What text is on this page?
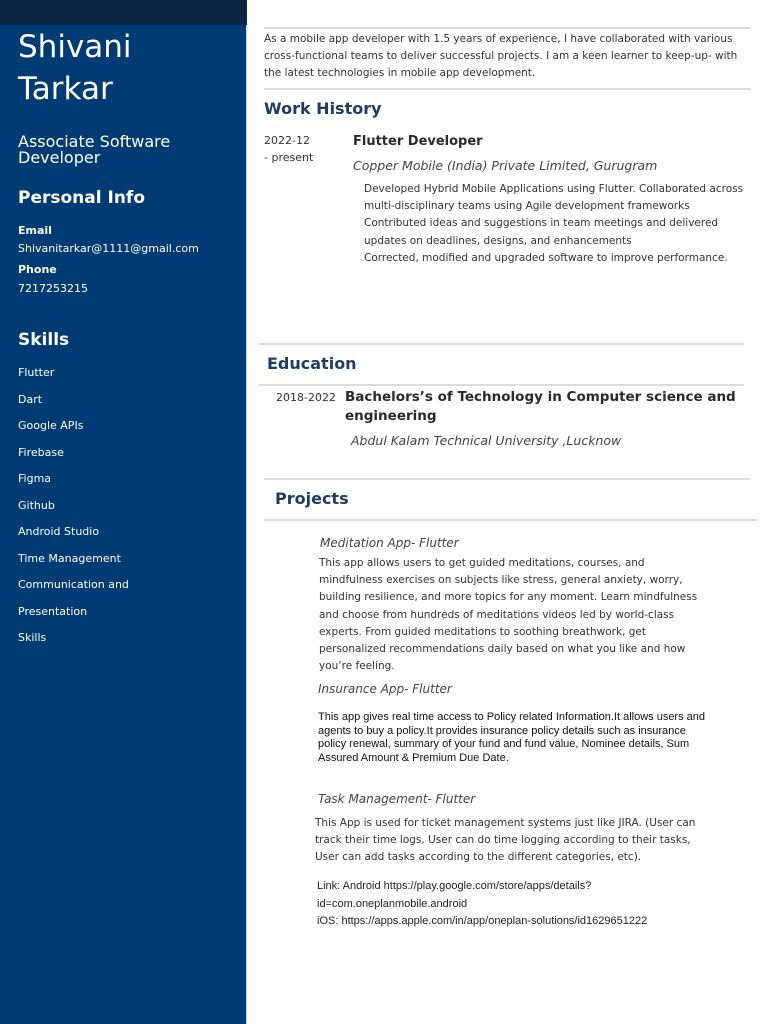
Shivani
Tarkar
Associate Software
Developer
Personal Info
Email
Shivanitarkar@1111@gmail.com
Phone
7217253215
Skills
Flutter
Dart
Google APIs
Firebase
Figma
Github
Android Studio
Time Management
Communication and
Presentation
Skills

As a mobile app developer with 1.5 years of experience, I have collaborated with various cross-functional teams to deliver successful projects. I am a keen learner to keep-up- with the latest technologies in mobile app development.

Work History
2022-12
- present
Flutter Developer
Copper Mobile (India) Private Limited, Gurugram
Developed Hybrid Mobile Applications using Flutter. Collaborated across multi-disciplinary teams using Agile development frameworks
Contributed ideas and suggestions in team meetings and delivered updates on deadlines, designs, and enhancements
Corrected, modified and upgraded software to improve performance.
Education
2018-2022 Bachelors’s of Technology in Computer science and engineering
Abdul Kalam Technical University ,Lucknow
Projects
Meditation App- Flutter
This app allows users to get guided meditations, courses, and mindfulness exercises on subjects like stress, general anxiety, worry, building resilience, and more topics for any moment. Learn mindfulness and choose from hundreds of meditations videos led by world-class experts. From guided meditations to soothing breathwork, get personalized recommendations daily based on what you like and how you’re feeling.
Insurance App- Flutter
This app gives real time access to Policy related Information.It allows users and agents to buy a policy.It provides insurance policy details such as insurance policy renewal, summary of your fund and fund value, Nominee details, Sum Assured Amount & Premium Due Date.
Task Management- Flutter
This App is used for ticket management systems just like JIRA. (User can track their time logs, User can do time logging according to their tasks, User can add tasks according to the different categories, etc).
Link: Android https://play.google.com/store/apps/details?
id=com.oneplanmobile.android
iOS: https://apps.apple.com/in/app/oneplan-solutions/id1629651222
